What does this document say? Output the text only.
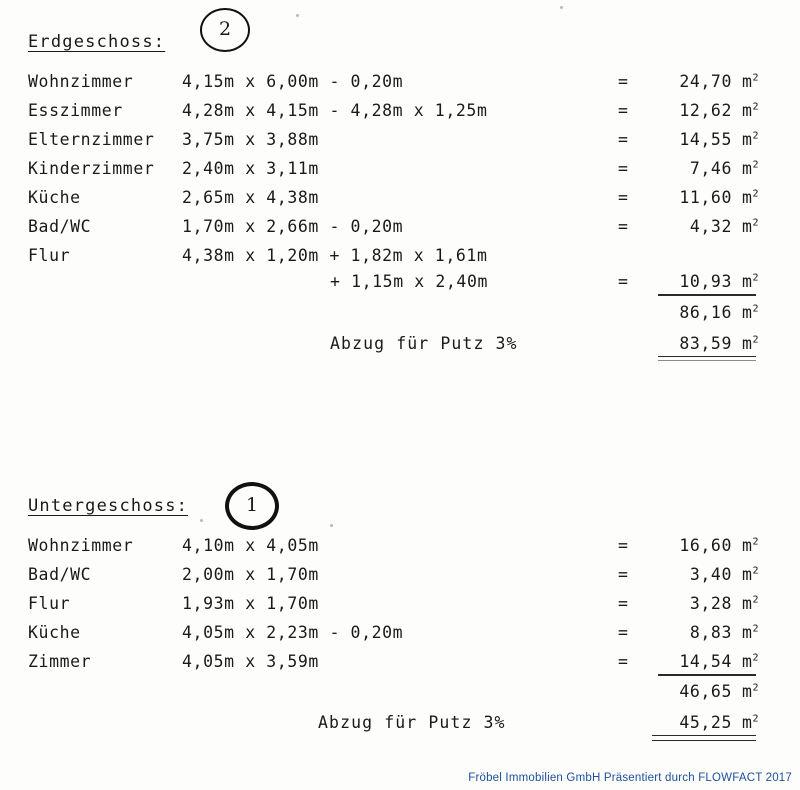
Erdgeschoss:
2
Wohnzimmer	4,15m x 6,00m - 0,20m	=	24,70 $m^2$
Esszimmer	4,28m x 4,15m - 4,28m x 1,25m	=	12,62 $m^2$
Elternzimmer 3,75m x 3,88m	=	14,55 $m^2$
Kinderzimmer 2,40m x 3,11m	=	7,46 $m^2$
Küche	2,65m x 4,38m	=	11,60 $m^2$
Bad/WC	1,70m x 2,66m - 0,20m	=	4,32 $m^2$
Flur	4,38m x 1,20m + 1,82m x 1,61m
+ 1,15m x 2,40m	=	10,93 $m^2$
86,16 $m^2$
Abzug für Putz 3%	83,59 $m^2$
Untergeschoss:	1
Wohnzimmer	4,10m x 4,05m	=	16,60 $m^2$
Bad/WC	2,00m x 1,70m	=	3,40 $m^2$
Flur	1,93m x 1,70m	=	3,28 $m^2$
Küche	4,05m x 2,23m - 0,20m	=	8,83 $m^2$
Zimmer	4,05m x 3,59m	=	14,54 $m^2$
46,65 $m^2$
Abzug für Putz 3%	45,25 $m^2$
Fröbel Immobilien GmbH Präsentiert durch FLOWFACT 2017
